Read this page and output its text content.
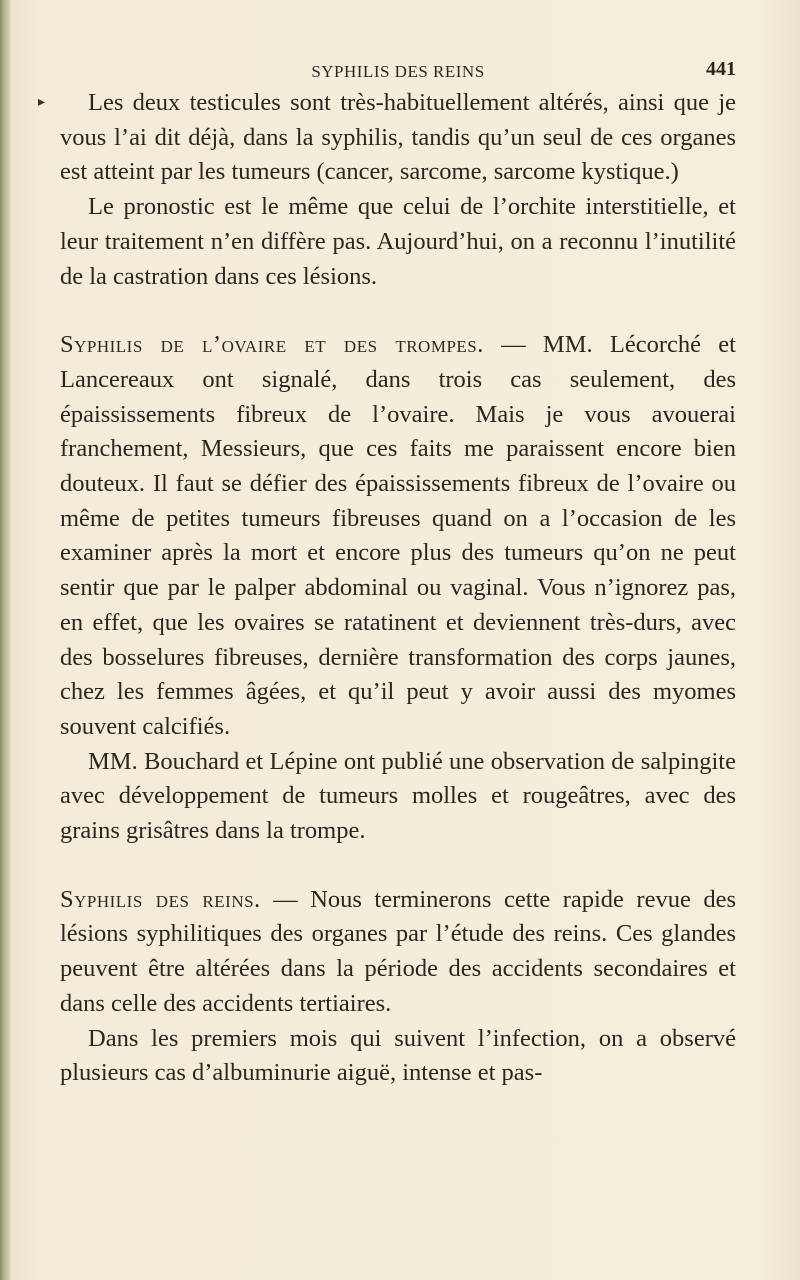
SYPHILIS DES REINS	441
▸	Les deux testicules sont très-habituellement altérés, ainsi que je vous l’ai dit déjà, dans la syphilis, tandis qu’un seul de ces organes est atteint par les tumeurs (cancer, sarcome, sarcome kystique.)

Le pronostic est le même que celui de l’orchite interstitielle, et leur traitement n’en diffère pas. Aujourd’hui, on a reconnu l’inutilité de la castration dans ces lésions.

Syphilis de l’ovaire et des trompes. — MM. Lécorché et Lancereaux ont signalé, dans trois cas seulement, des épaississements fibreux de l’ovaire. Mais je vous avouerai franchement, Messieurs, que ces faits me paraissent encore bien douteux. Il faut se défier des épaississements fibreux de l’ovaire ou même de petites tumeurs fibreuses quand on a l’occasion de les examiner après la mort et encore plus des tumeurs qu’on ne peut sentir que par le palper abdominal ou vaginal. Vous n’ignorez pas, en effet, que les ovaires se ratatinent et deviennent très-durs, avec des bosselures fibreuses, dernière transformation des corps jaunes, chez les femmes âgées, et qu’il peut y avoir aussi des myomes souvent calcifiés.

MM. Bouchard et Lépine ont publié une observation de salpingite avec développement de tumeurs molles et rougeâtres, avec des grains grisâtres dans la trompe.

Syphilis des reins. — Nous terminerons cette rapide revue des lésions syphilitiques des organes par l’étude des reins. Ces glandes peuvent être altérées dans la période des accidents secondaires et dans celle des accidents tertiaires.

Dans les premiers mois qui suivent l’infection, on a observé plusieurs cas d’albuminurie aiguë, intense et pas-
